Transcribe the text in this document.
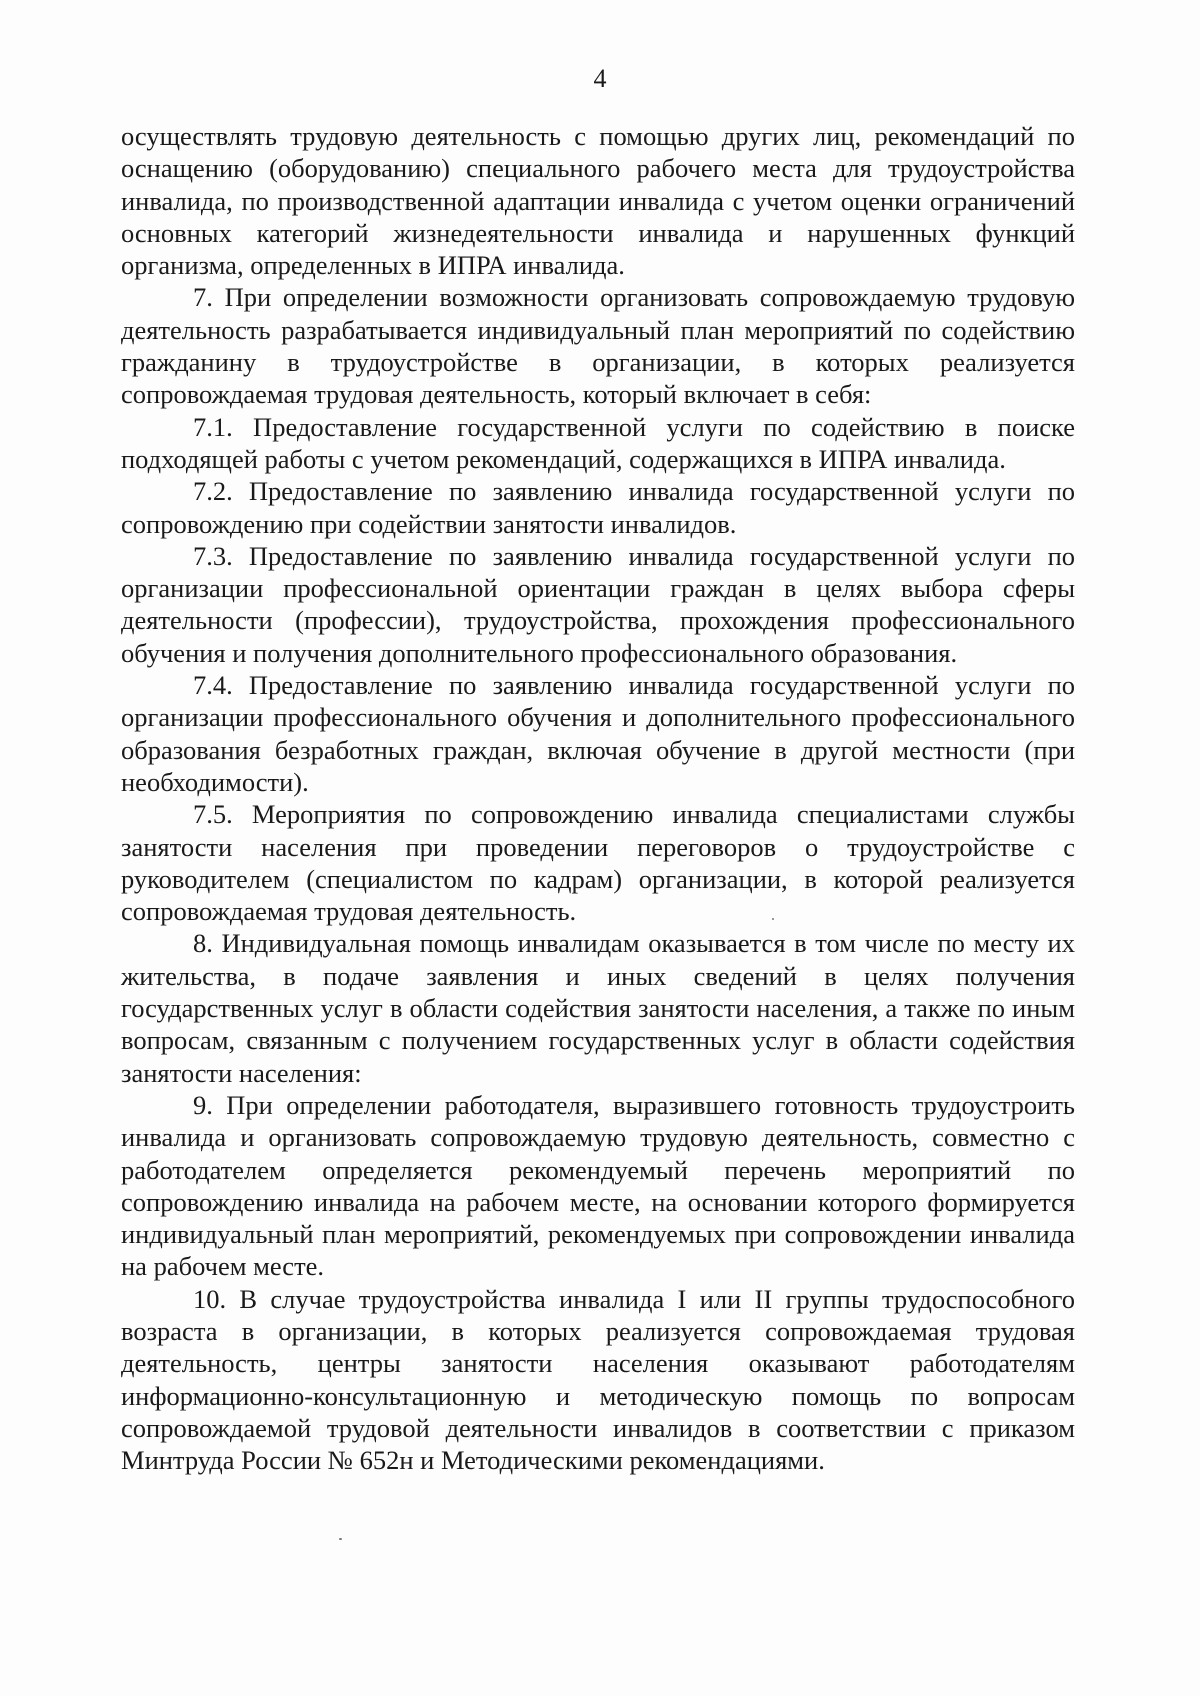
4

осуществлять трудовую деятельность с помощью других лиц, рекомендаций по оснащению (оборудованию) специального рабочего места для трудоустройства инвалида, по производственной адаптации инвалида с учетом оценки ограничений основных категорий жизнедеятельности инвалида и нарушенных функций организма, определенных в ИПРА инвалида.

7. При определении возможности организовать сопровождаемую трудовую деятельность разрабатывается индивидуальный план мероприятий по содействию гражданину в трудоустройстве в организации, в которых реализуется сопровождаемая трудовая деятельность, который включает в себя:

7.1. Предоставление государственной услуги по содействию в поиске подходящей работы с учетом рекомендаций, содержащихся в ИПРА инвалида.

7.2. Предоставление по заявлению инвалида государственной услуги по сопровождению при содействии занятости инвалидов.

7.3. Предоставление по заявлению инвалида государственной услуги по организации профессиональной ориентации граждан в целях выбора сферы деятельности (профессии), трудоустройства, прохождения профессионального обучения и получения дополнительного профессионального образования.

7.4. Предоставление по заявлению инвалида государственной услуги по организации профессионального обучения и дополнительного профессионального образования безработных граждан, включая обучение в другой местности (при необходимости).

7.5. Мероприятия по сопровождению инвалида специалистами службы занятости населения при проведении переговоров о трудоустройстве с руководителем (специалистом по кадрам) организации, в которой реализуется сопровождаемая трудовая деятельность.

8. Индивидуальная помощь инвалидам оказывается в том числе по месту их жительства, в подаче заявления и иных сведений в целях получения государственных услуг в области содействия занятости населения, а также по иным вопросам, связанным с получением государственных услуг в области содействия занятости населения:

9. При определении работодателя, выразившего готовность трудоустроить инвалида и организовать сопровождаемую трудовую деятельность, совместно с работодателем определяется рекомендуемый перечень мероприятий по сопровождению инвалида на рабочем месте, на основании которого формируется индивидуальный план мероприятий, рекомендуемых при сопровождении инвалида на рабочем месте.

10. В случае трудоустройства инвалида I или II группы трудоспособного возраста в организации, в которых реализуется сопровождаемая трудовая деятельность, центры занятости населения оказывают работодателям информационно-консультационную и методическую помощь по вопросам сопровождаемой трудовой деятельности инвалидов в соответствии с приказом Минтруда России № 652н и Методическими рекомендациями.
